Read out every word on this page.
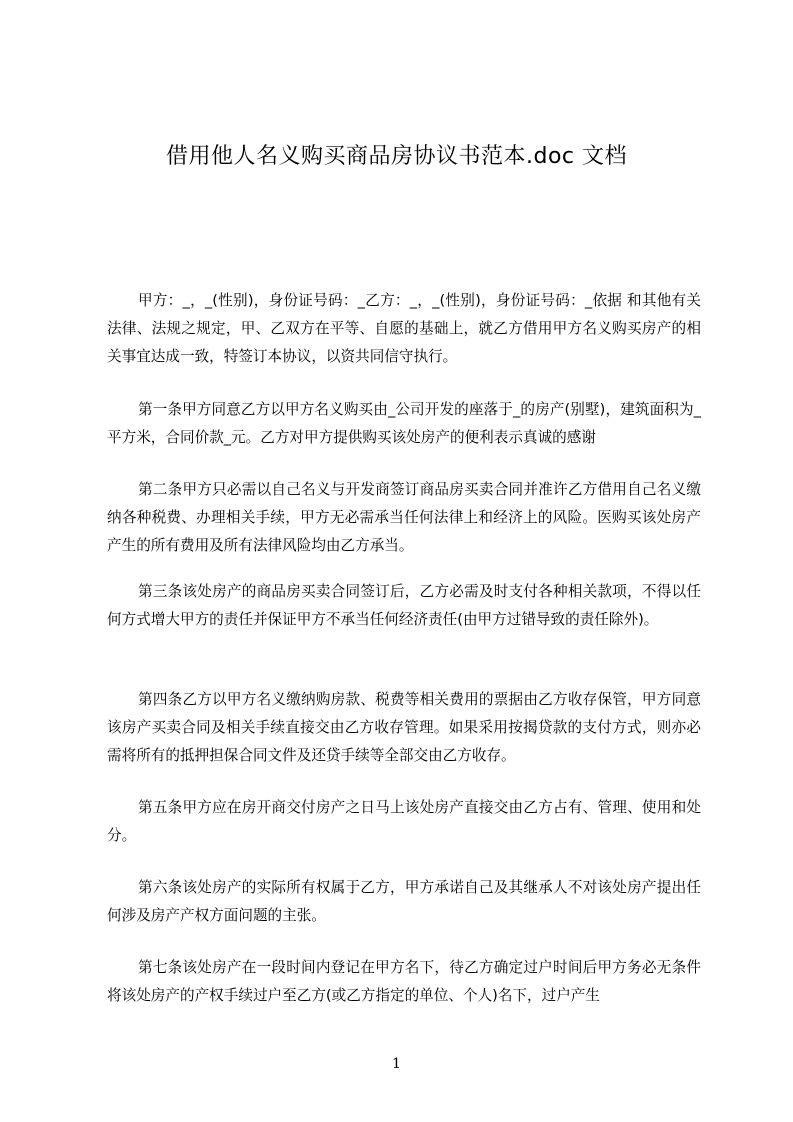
借用他人名义购买商品房协议书范本.doc 文档

甲方：_，_(性别)，身份证号码：_乙方：_，_(性别)，身份证号码：_依据 和其他有关法律、法规之规定，甲、乙双方在平等、自愿的基础上，就乙方借用甲方名义购买房产的相关事宜达成一致，特签订本协议，以资共同信守执行。

第一条甲方同意乙方以甲方名义购买由_公司开发的座落于_的房产(别墅)，建筑面积为_平方米，合同价款_元。乙方对甲方提供购买该处房产的便利表示真诚的感谢

第二条甲方只必需以自己名义与开发商签订商品房买卖合同并准许乙方借用自己名义缴纳各种税费、办理相关手续，甲方无必需承当任何法律上和经济上的风险。医购买该处房产产生的所有费用及所有法律风险均由乙方承当。

第三条该处房产的商品房买卖合同签订后，乙方必需及时支付各种相关款项，不得以任何方式增大甲方的责任并保证甲方不承当任何经济责任(由甲方过错导致的责任除外)。

第四条乙方以甲方名义缴纳购房款、税费等相关费用的票据由乙方收存保管，甲方同意该房产买卖合同及相关手续直接交由乙方收存管理。如果采用按揭贷款的支付方式，则亦必需将所有的抵押担保合同文件及还贷手续等全部交由乙方收存。

第五条甲方应在房开商交付房产之日马上该处房产直接交由乙方占有、管理、使用和处分。

第六条该处房产的实际所有权属于乙方，甲方承诺自己及其继承人不对该处房产提出任何涉及房产产权方面问题的主张。

第七条该处房产在一段时间内登记在甲方名下，待乙方确定过户时间后甲方务必无条件将该处房产的产权手续过户至乙方(或乙方指定的单位、个人)名下，过户产生

1
